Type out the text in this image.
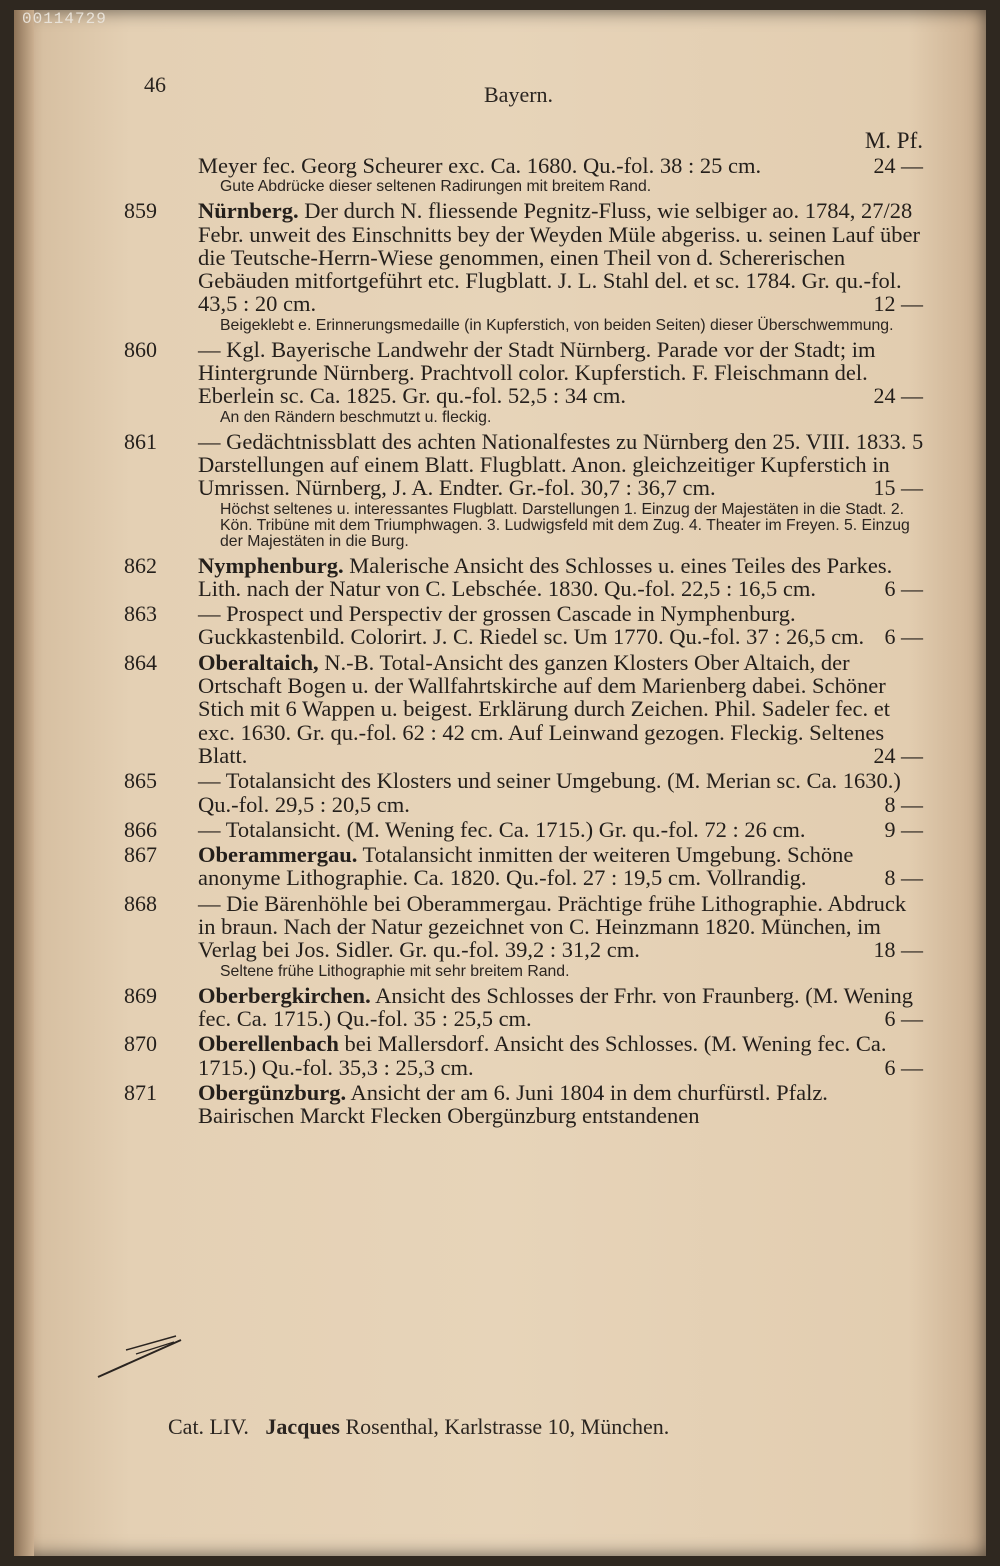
00114729
46	Bayern.
M. Pf.
Meyer fec. Georg Scheurer exc. Ca. 1680. Qu.-fol. 38 : 25 cm.	24 —
Gute Abdrücke dieser seltenen Radirungen mit breitem Rand.
859 Nürnberg. Der durch N. fliessende Pegnitz-Fluss, wie selbiger ao. 1784, 27/28 Febr. unweit des Einschnitts bey der Weyden Müle abgeriss. u. seinen Lauf über die Teutsche-Herrn-Wiese genommen, einen Theil von d. Schererischen Gebäuden mitfortgeführt etc. Flugblatt. J. L. Stahl del. et sc. 1784. Gr. qu.-fol. 43,5 : 20 cm.	12 —
Beigeklebt e. Erinnerungsmedaille (in Kupferstich, von beiden Seiten) dieser Überschwemmung.
860 — Kgl. Bayerische Landwehr der Stadt Nürnberg. Parade vor der Stadt; im Hintergrunde Nürnberg. Prachtvoll color. Kupferstich. F. Fleischmann del. Eberlein sc. Ca. 1825. Gr. qu.-fol. 52,5 : 34 cm.	24 —
An den Rändern beschmutzt u. fleckig.
861 — Gedächtnissblatt des achten Nationalfestes zu Nürnberg den 25. VIII. 1833. 5 Darstellungen auf einem Blatt. Flugblatt. Anon. gleichzeitiger Kupferstich in Umrissen. Nürnberg, J. A. Endter. Gr.-fol. 30,7 : 36,7 cm.	15 —
Höchst seltenes u. interessantes Flugblatt. Darstellungen 1. Einzug der Majestäten in die Stadt. 2. Kön. Tribüne mit dem Triumphwagen. 3. Ludwigsfeld mit dem Zug. 4. Theater im Freyen. 5. Einzug der Majestäten in die Burg.
862 Nymphenburg. Malerische Ansicht des Schlosses u. eines Teiles des Parkes. Lith. nach der Natur von C. Lebschée. 1830. Qu.-fol. 22,5 : 16,5 cm.	6 —
863 — Prospect und Perspectiv der grossen Cascade in Nymphenburg. Guckkastenbild. Colorirt. J. C. Riedel sc. Um 1770. Qu.-fol. 37 : 26,5 cm. 6 —
864 Oberaltaich, N.-B. Total-Ansicht des ganzen Klosters Ober Altaich, der Ortschaft Bogen u. der Wallfahrtskirche auf dem Marienberg dabei. Schöner Stich mit 6 Wappen u. beigest. Erklärung durch Zeichen. Phil. Sadeler fec. et exc. 1630. Gr. qu.-fol. 62 : 42 cm. Auf Leinwand gezogen. Fleckig. Seltenes Blatt.	24 —
865 — Totalansicht des Klosters und seiner Umgebung. (M. Merian sc. Ca. 1630.) Qu.-fol. 29,5 : 20,5 cm.	8 —
866 — Totalansicht. (M. Wening fec. Ca. 1715.) Gr. qu.-fol. 72 : 26 cm.	9 —
867 Oberammergau. Totalansicht inmitten der weiteren Umgebung. Schöne anonyme Lithographie. Ca. 1820. Qu.-fol. 27 : 19,5 cm. Vollrandig.	8 —
868 — Die Bärenhöhle bei Oberammergau. Prächtige frühe Lithographie. Abdruck in braun. Nach der Natur gezeichnet von C. Heinzmann 1820. München, im Verlag bei Jos. Sidler. Gr. qu.-fol. 39,2 : 31,2 cm.	18 —
Seltene frühe Lithographie mit sehr breitem Rand.
869 Oberbergkirchen. Ansicht des Schlosses der Frhr. von Fraunberg. (M. Wening fec. Ca. 1715.) Qu.-fol. 35 : 25,5 cm.	6 —
870 Oberellenbach bei Mallersdorf. Ansicht des Schlosses. (M. Wening fec. Ca. 1715.) Qu.-fol. 35,3 : 25,3 cm.	6 —
871 Obergünzburg. Ansicht der am 6. Juni 1804 in dem churfürstl. Pfalz. Bairischen Marckt Flecken Obergünzburg entstandenen
Cat. LIV. Jacques Rosenthal, Karlstrasse 10, München.
